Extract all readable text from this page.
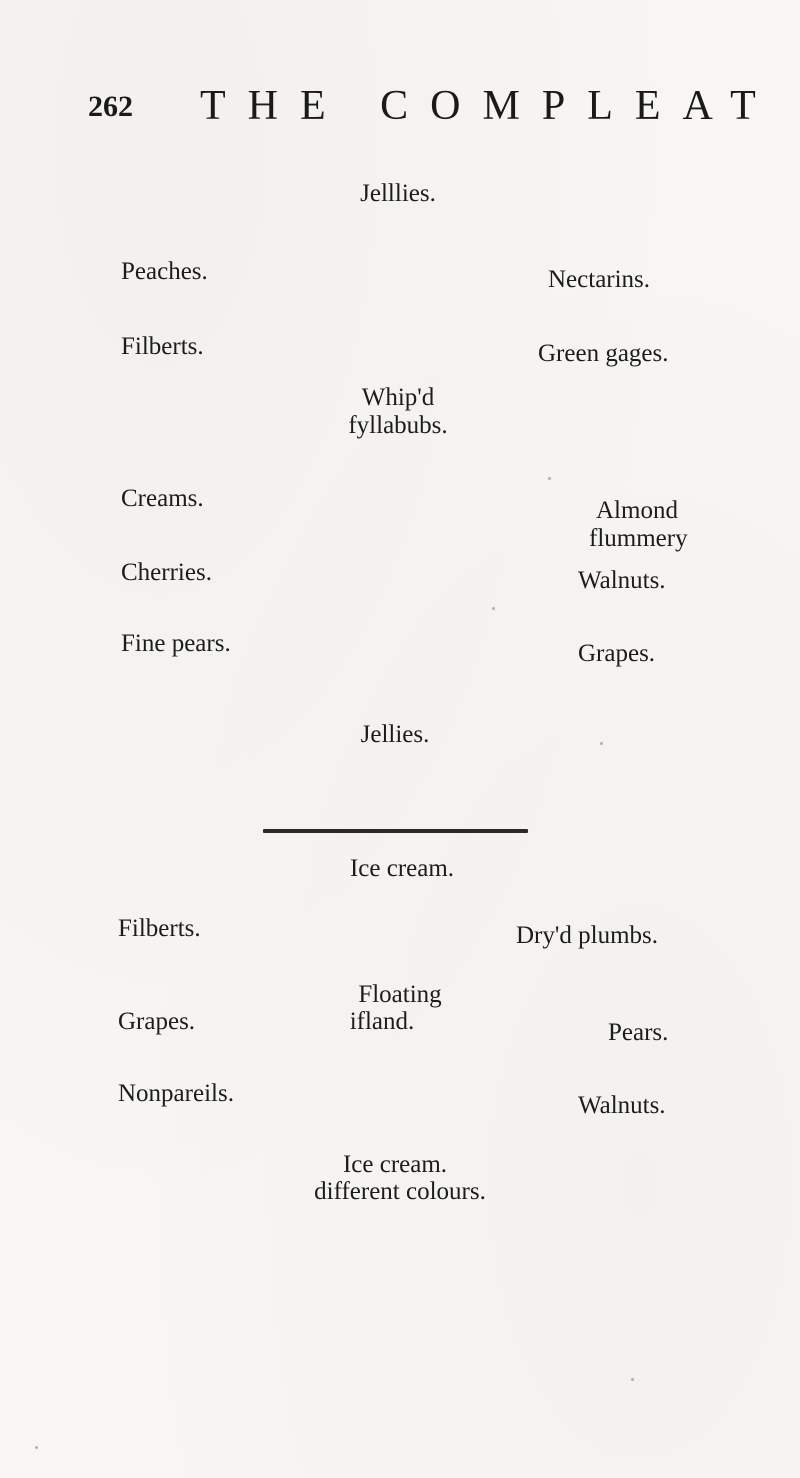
262 THE COMPLEAT
Jelllies.
Peaches.
Filberts.
Creams.
Cherries.
Fine pears.
Whip'd
fyllabubs.
Nectarins.
Green gages.
Almond
flummery
Walnuts.
Grapes.
Jellies.
Ice cream.
Filberts.
Grapes.
Nonpareils.
Floating
ifland.
Dry'd plumbs.
Pears.
Walnuts.
Ice cream.
different colours.
